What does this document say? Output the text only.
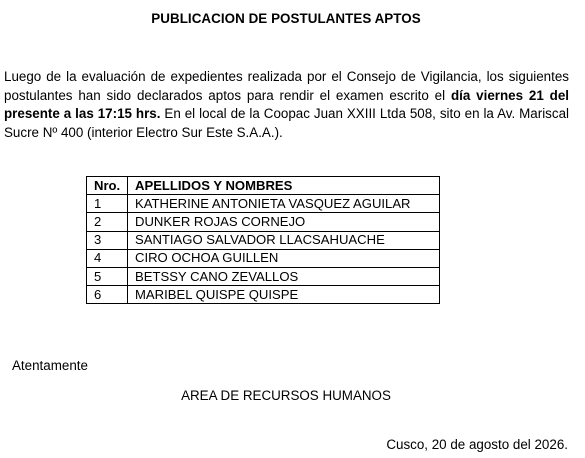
PUBLICACION DE POSTULANTES APTOS

Luego de la evaluación de expedientes realizada por el Consejo de Vigilancia, los siguientes postulantes han sido declarados aptos para rendir el examen escrito el día viernes 21 del presente a las 17:15 hrs. En el local de la Coopac Juan XXIII Ltda 508, sito en la Av. Mariscal Sucre Nº 400 (interior Electro Sur Este S.A.A.).

Nro.	APELLIDOS Y NOMBRES
1	KATHERINE ANTONIETA VASQUEZ AGUILAR
2	DUNKER ROJAS CORNEJO
3	SANTIAGO SALVADOR LLACSAHUACHE
4	CIRO OCHOA GUILLEN
5	BETSSY CANO ZEVALLOS
6	MARIBEL QUISPE QUISPE
Atentamente
AREA DE RECURSOS HUMANOS
Cusco, 20 de agosto del 2026.
